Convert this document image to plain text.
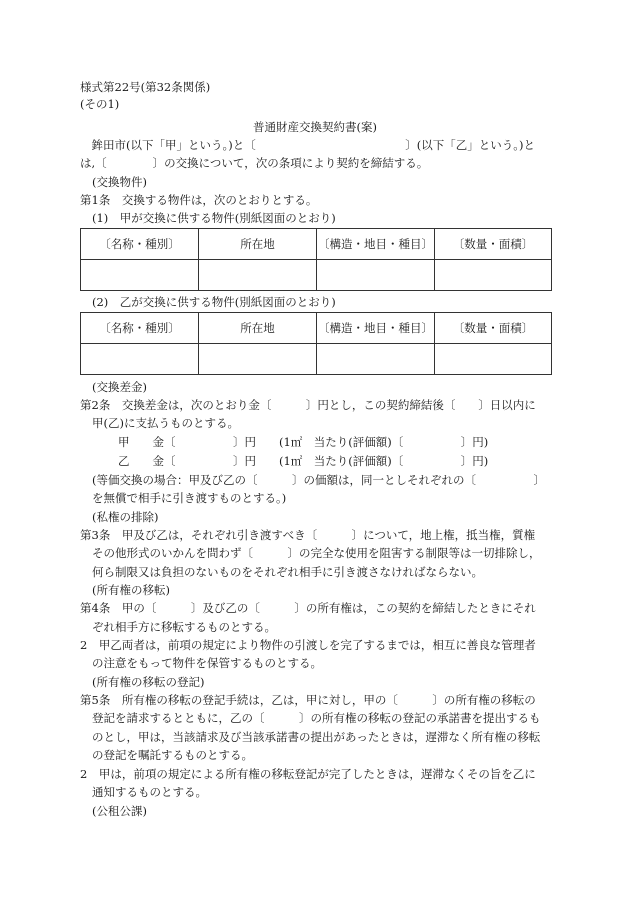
様式第22号(第32条関係)
(その1)
普通財産交換契約書(案)
　鉾田市(以下「甲」という。)と〔　　　　　　　　　　　　　〕(以下「乙」という。)と
は,〔　　　　〕の交換について，次の条項により契約を締結する。
(交換物件)
第1条　交換する物件は，次のとおりとする。
(1)　甲が交換に供する物件(別紙図面のとおり)
〔名称・種別〕	所在地	〔構造・地目・種目〕	〔数量・面積〕

(2)　乙が交換に供する物件(別紙図面のとおり)
〔名称・種別〕	所在地	〔構造・地目・種目〕	〔数量・面積〕

(交換差金)
第2条　交換差金は，次のとおり金〔　　　〕円とし，この契約締結後〔　　〕日以内に
甲(乙)に支払うものとする。
甲　　金〔　　　　　〕円　　(1㎡　当たり(評価額)〔　　　　　〕円)
乙　　金〔　　　　　〕円　　(1㎡　当たり(評価額)〔　　　　　〕円)
(等価交換の場合：甲及び乙の〔　　　〕の価額は，同一としそれぞれの〔　　　　　〕
を無償で相手に引き渡すものとする。)
(私権の排除)
第3条　甲及び乙は，それぞれ引き渡すべき〔　　　〕について，地上権，抵当権，質権
その他形式のいかんを問わず〔　　　〕の完全な使用を阻害する制限等は一切排除し，
何ら制限又は負担のないものをそれぞれ相手に引き渡さなければならない。
(所有権の移転)
第4条　甲の〔　　　〕及び乙の〔　　　〕の所有権は，この契約を締結したときにそれ
ぞれ相手方に移転するものとする。
2　甲乙両者は，前項の規定により物件の引渡しを完了するまでは，相互に善良な管理者
の注意をもって物件を保管するものとする。
(所有権の移転の登記)
第5条　所有権の移転の登記手続は，乙は，甲に対し，甲の〔　　　〕の所有権の移転の
登記を請求するとともに，乙の〔　　　〕の所有権の移転の登記の承諾書を提出するも
のとし，甲は，当該請求及び当該承諾書の提出があったときは，遅滞なく所有権の移転
の登記を嘱託するものとする。
2　甲は，前項の規定による所有権の移転登記が完了したときは，遅滞なくその旨を乙に
通知するものとする。
(公租公課)
